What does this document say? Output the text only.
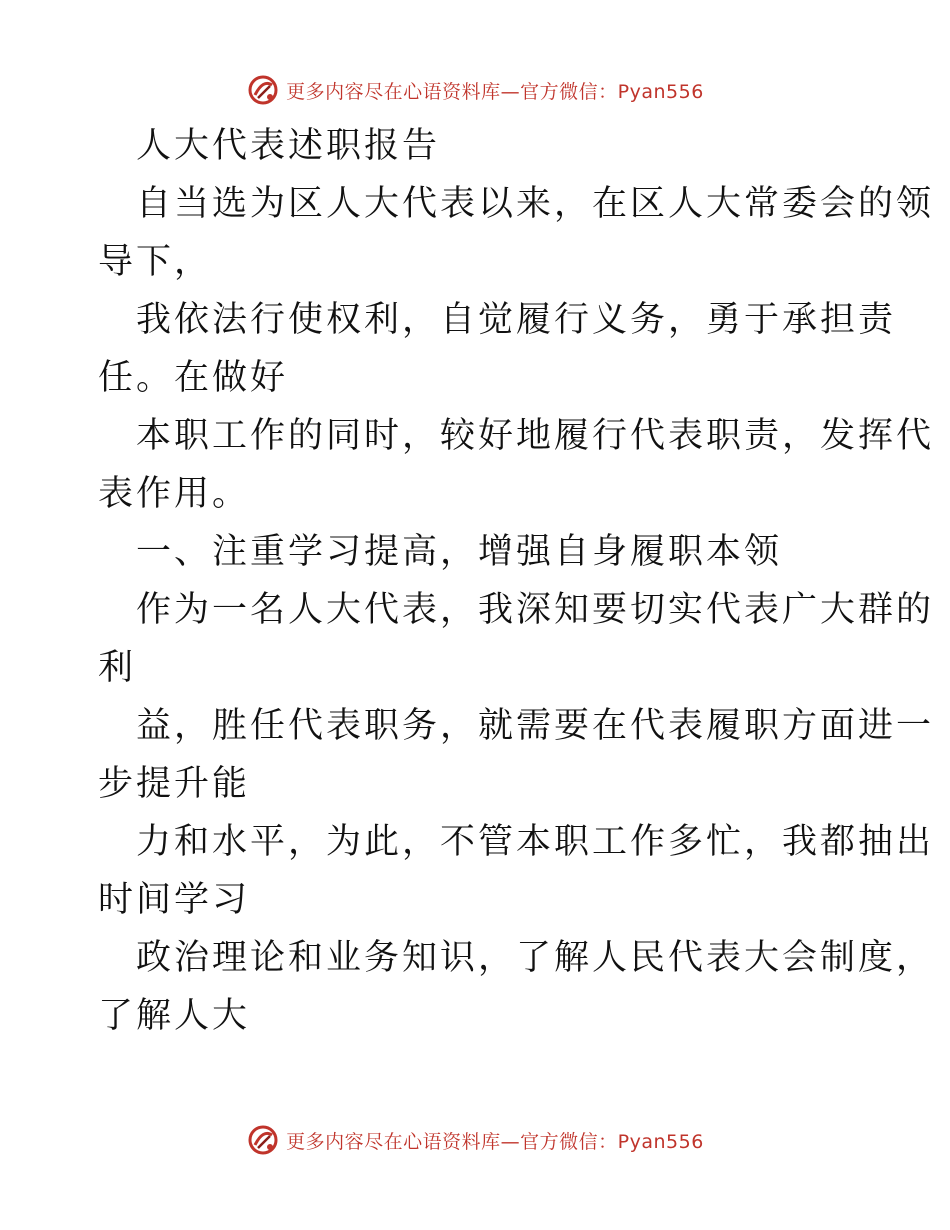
更多内容尽在心语资料库—官方微信：Pyan556
人大代表述职报告
自当选为区人大代表以来，在区人大常委会的领
导下，
我依法行使权利，自觉履行义务，勇于承担责
任。在做好
本职工作的同时，较好地履行代表职责，发挥代
表作用。
一、注重学习提高，增强自身履职本领
作为一名人大代表，我深知要切实代表广大群的
利
益，胜任代表职务，就需要在代表履职方面进一
步提升能
力和水平，为此，不管本职工作多忙，我都抽出
时间学习
政治理论和业务知识，了解人民代表大会制度，
了解人大
更多内容尽在心语资料库—官方微信：Pyan556
